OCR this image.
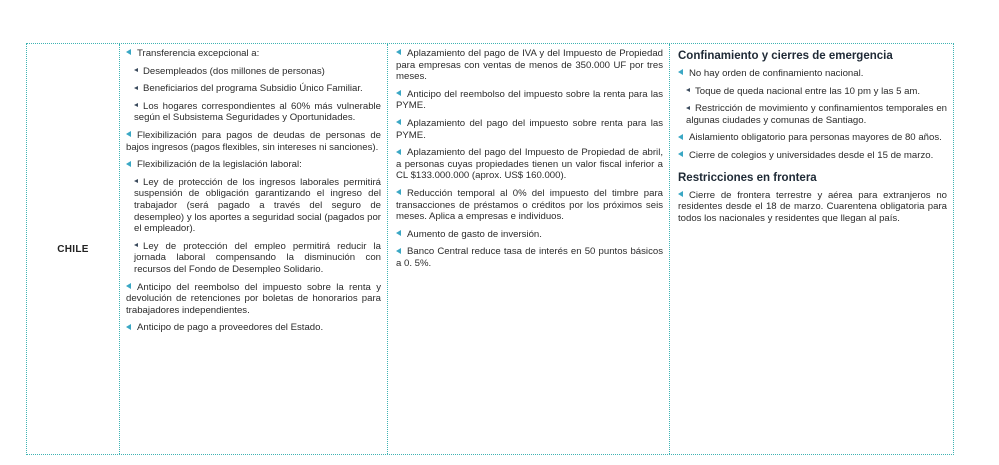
CHILE
Transferencia excepcional a:
Desempleados (dos millones de personas)
Beneficiarios del programa Subsidio Único Familiar.
Los hogares correspondientes al 60% más vulnerable según el Subsistema Seguridades y Oportunidades.
Flexibilización para pagos de deudas de personas de bajos ingresos (pagos flexibles, sin intereses ni sanciones).
Flexibilización de la legislación laboral:
Ley de protección de los ingresos laborales permitirá suspensión de obligación garantizando el ingreso del trabajador (será pagado a través del seguro de desempleo) y los aportes a seguridad social (pagados por el empleador).
Ley de protección del empleo permitirá reducir la jornada laboral compensando la disminución con recursos del Fondo de Desempleo Solidario.
Anticipo del reembolso del impuesto sobre la renta y devolución de retenciones por boletas de honorarios para trabajadores independientes.
Anticipo de pago a proveedores del Estado.
Aplazamiento del pago de IVA y del Impuesto de Propiedad para empresas con ventas de menos de 350.000 UF por tres meses.
Anticipo del reembolso del impuesto sobre la renta para las PYME.
Aplazamiento del pago del impuesto sobre renta para las PYME.
Aplazamiento del pago del Impuesto de Propiedad de abril, a personas cuyas propiedades tienen un valor fiscal inferior a CL $133.000.000 (aprox. US$ 160.000).
Reducción temporal al 0% del impuesto del timbre para transacciones de préstamos o créditos por los próximos seis meses. Aplica a empresas e individuos.
Aumento de gasto de inversión.
Banco Central reduce tasa de interés en 50 puntos básicos a 0. 5%.
Confinamiento y cierres de emergencia
No hay orden de confinamiento nacional.
Toque de queda nacional entre las 10 pm y las 5 am.
Restricción de movimiento y confinamientos temporales en algunas ciudades y comunas de Santiago.
Aislamiento obligatorio para personas mayores de 80 años.
Cierre de colegios y universidades desde el 15 de marzo.
Restricciones en frontera
Cierre de frontera terrestre y aérea para extranjeros no residentes desde el 18 de marzo. Cuarentena obligatoria para todos los nacionales y residentes que llegan al país.
